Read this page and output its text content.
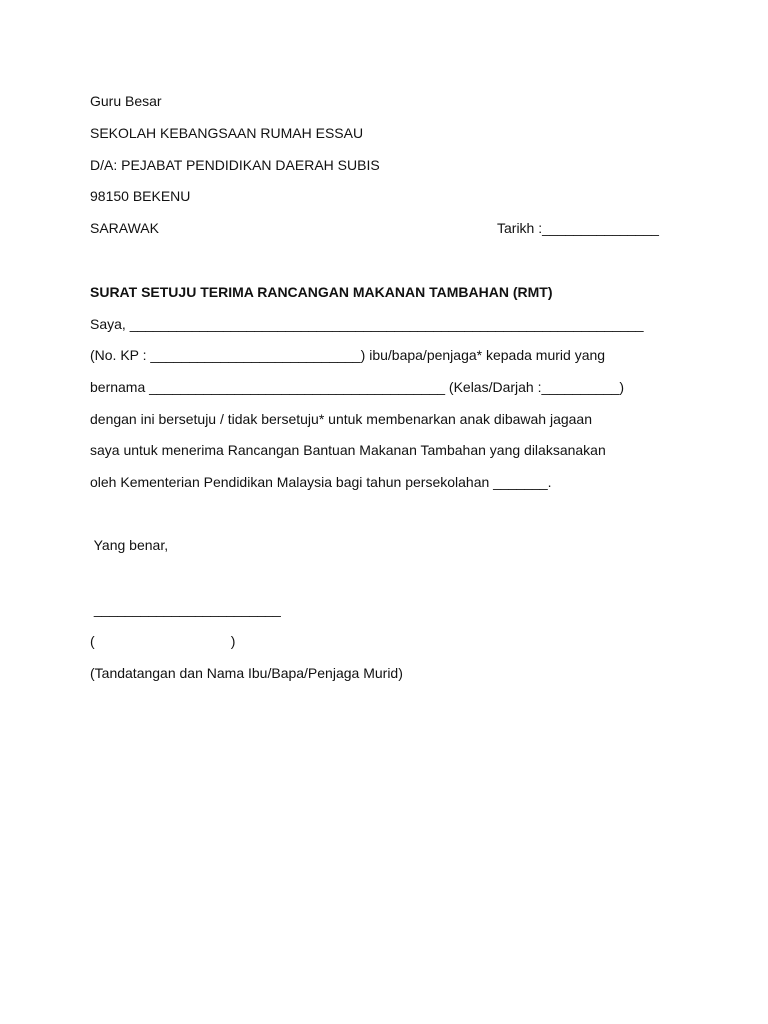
Guru Besar
SEKOLAH KEBANGSAAN RUMAH ESSAU
D/A: PEJABAT PENDIDIKAN DAERAH SUBIS
98150 BEKENU
SARAWAK	Tarikh :_______________
SURAT SETUJU TERIMA RANCANGAN MAKANAN TAMBAHAN (RMT)
Saya, __________________________________________________________________
(No. KP : ___________________________) ibu/bapa/penjaga* kepada murid yang
bernama ______________________________________ (Kelas/Darjah :__________)
dengan ini bersetuju / tidak bersetuju* untuk membenarkan anak dibawah jagaan
saya untuk menerima Rancangan Bantuan Makanan Tambahan yang dilaksanakan
oleh Kementerian Pendidikan Malaysia bagi tahun persekolahan _______.
Yang benar,
________________________
(                                   )
(Tandatangan dan Nama Ibu/Bapa/Penjaga Murid)
